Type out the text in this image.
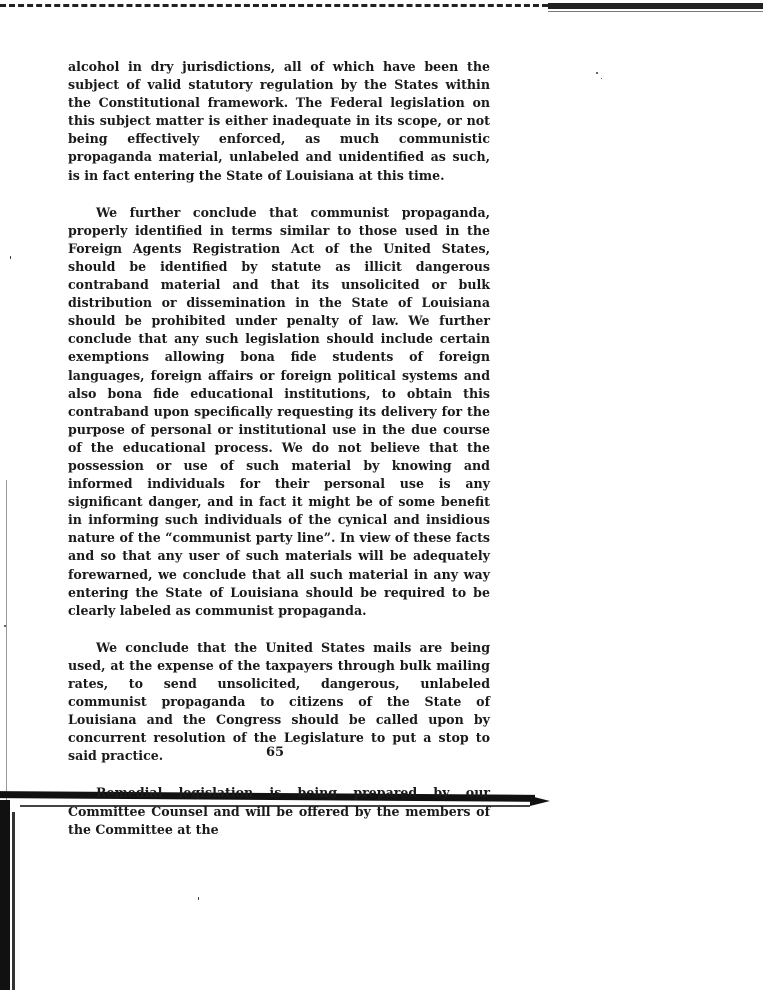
alcohol in dry jurisdictions, all of which have been the subject of valid statutory regulation by the States within the Constitutional framework. The Federal legislation on this subject matter is either inadequate in its scope, or not being effectively enforced, as much communistic propaganda material, unlabeled and unidentified as such, is in fact entering the State of Louisiana at this time.

We further conclude that communist propaganda, properly identified in terms similar to those used in the Foreign Agents Registration Act of the United States, should be identified by statute as illicit dangerous contraband material and that its unsolicited or bulk distribution or dissemination in the State of Louisiana should be prohibited under penalty of law. We further conclude that any such legislation should include certain exemptions allowing bona fide students of foreign languages, foreign affairs or foreign political systems and also bona fide educational institutions, to obtain this contraband upon specifically requesting its delivery for the purpose of personal or institutional use in the due course of the educational process. We do not believe that the possession or use of such material by knowing and informed individuals for their personal use is any significant danger, and in fact it might be of some benefit in informing such individuals of the cynical and insidious nature of the “communist party line”. In view of these facts and so that any user of such materials will be adequately forewarned, we conclude that all such material in any way entering the State of Louisiana should be required to be clearly labeled as communist propaganda.

We conclude that the United States mails are being used, at the expense of the taxpayers through bulk mailing rates, to send unsolicited, dangerous, unlabeled communist propaganda to citizens of the State of Louisiana and the Congress should be called upon by concurrent resolution of the Legislature to put a stop to said practice.

Remedial legislation is being prepared by our Committee Counsel and will be offered by the members of the Committee at the

65
